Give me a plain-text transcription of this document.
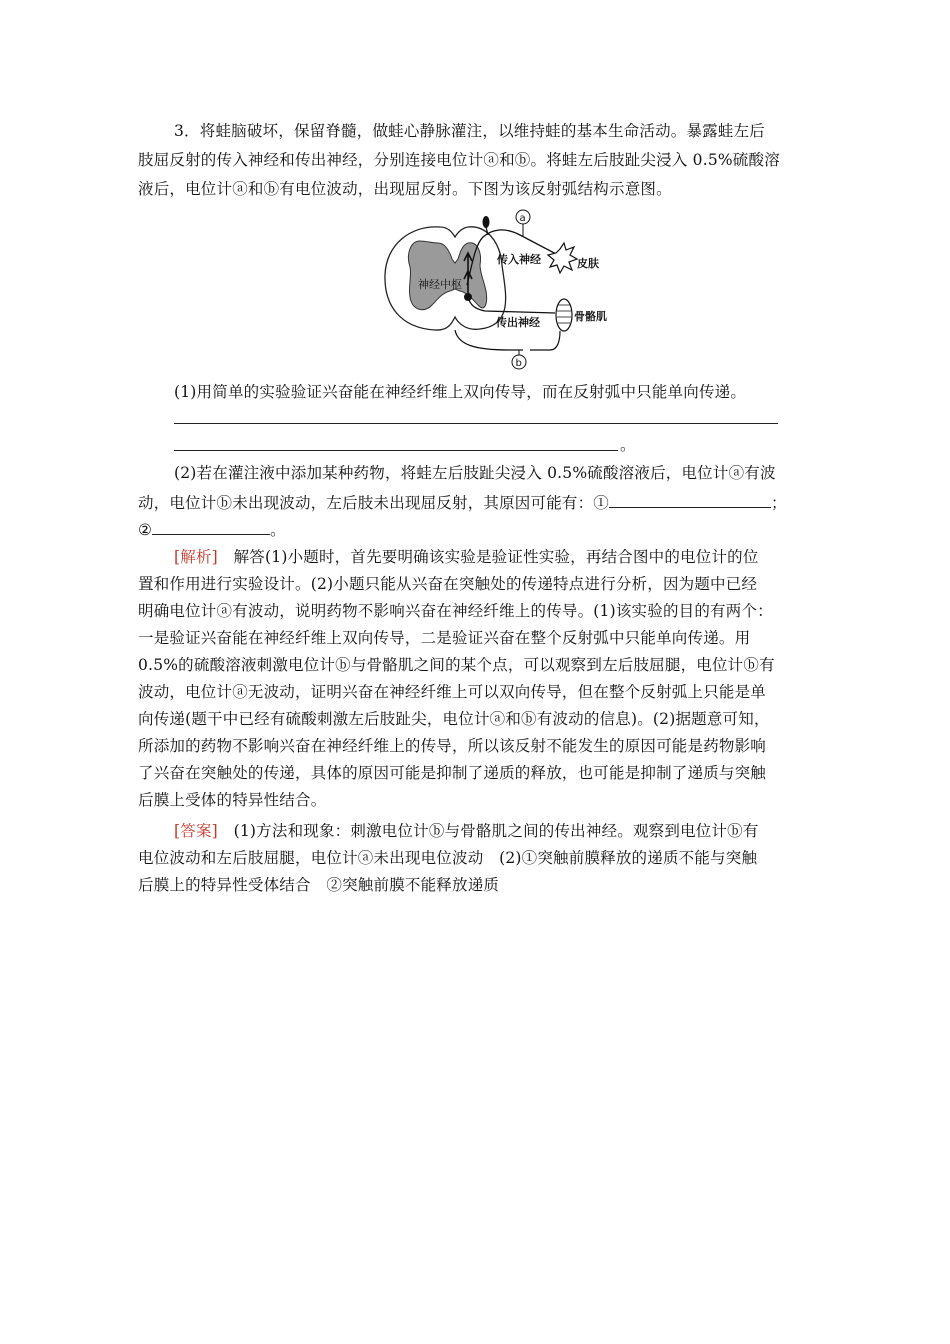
3．将蛙脑破坏，保留脊髓，做蛙心静脉灌注，以维持蛙的基本生命活动。暴露蛙左后
肢屈反射的传入神经和传出神经，分别连接电位计ⓐ和ⓑ。将蛙左后肢趾尖浸入 0.5%硫酸溶
液后，电位计ⓐ和ⓑ有电位波动，出现屈反射。下图为该反射弧结构示意图。
神经中枢
a
传入神经	皮肤
传出神经	骨骼肌
b
(1)用简单的实验验证兴奋能在神经纤维上双向传导，而在反射弧中只能单向传递。
。
(2)若在灌注液中添加某种药物，将蛙左后肢趾尖浸入 0.5%硫酸溶液后，电位计ⓐ有波
动，电位计ⓑ未出现波动，左后肢未出现屈反射，其原因可能有：①	；
②	。
[解析]　 解答(1)小题时，首先要明确该实验是验证性实验，再结合图中的电位计的位
置和作用进行实验设计。(2)小题只能从兴奋在突触处的传递特点进行分析，因为题中已经
明确电位计ⓐ有波动，说明药物不影响兴奋在神经纤维上的传导。(1)该实验的目的有两个：
一是验证兴奋能在神经纤维上双向传导，二是验证兴奋在整个反射弧中只能单向传递。用
0.5%的硫酸溶液刺激电位计ⓑ与骨骼肌之间的某个点，可以观察到左后肢屈腿，电位计ⓑ有
波动，电位计ⓐ无波动，证明兴奋在神经纤维上可以双向传导，但在整个反射弧上只能是单
向传递(题干中已经有硫酸刺激左后肢趾尖，电位计ⓐ和ⓑ有波动的信息)。(2)据题意可知，
所添加的药物不影响兴奋在神经纤维上的传导，所以该反射不能发生的原因可能是药物影响
了兴奋在突触处的传递，具体的原因可能是抑制了递质的释放，也可能是抑制了递质与突触
后膜上受体的特异性结合。
[答案]　 (1)方法和现象：刺激电位计ⓑ与骨骼肌之间的传出神经。观察到电位计ⓑ有
电位波动和左后肢屈腿，电位计ⓐ未出现电位波动　(2)①突触前膜释放的递质不能与突触
后膜上的特异性受体结合　②突触前膜不能释放递质
